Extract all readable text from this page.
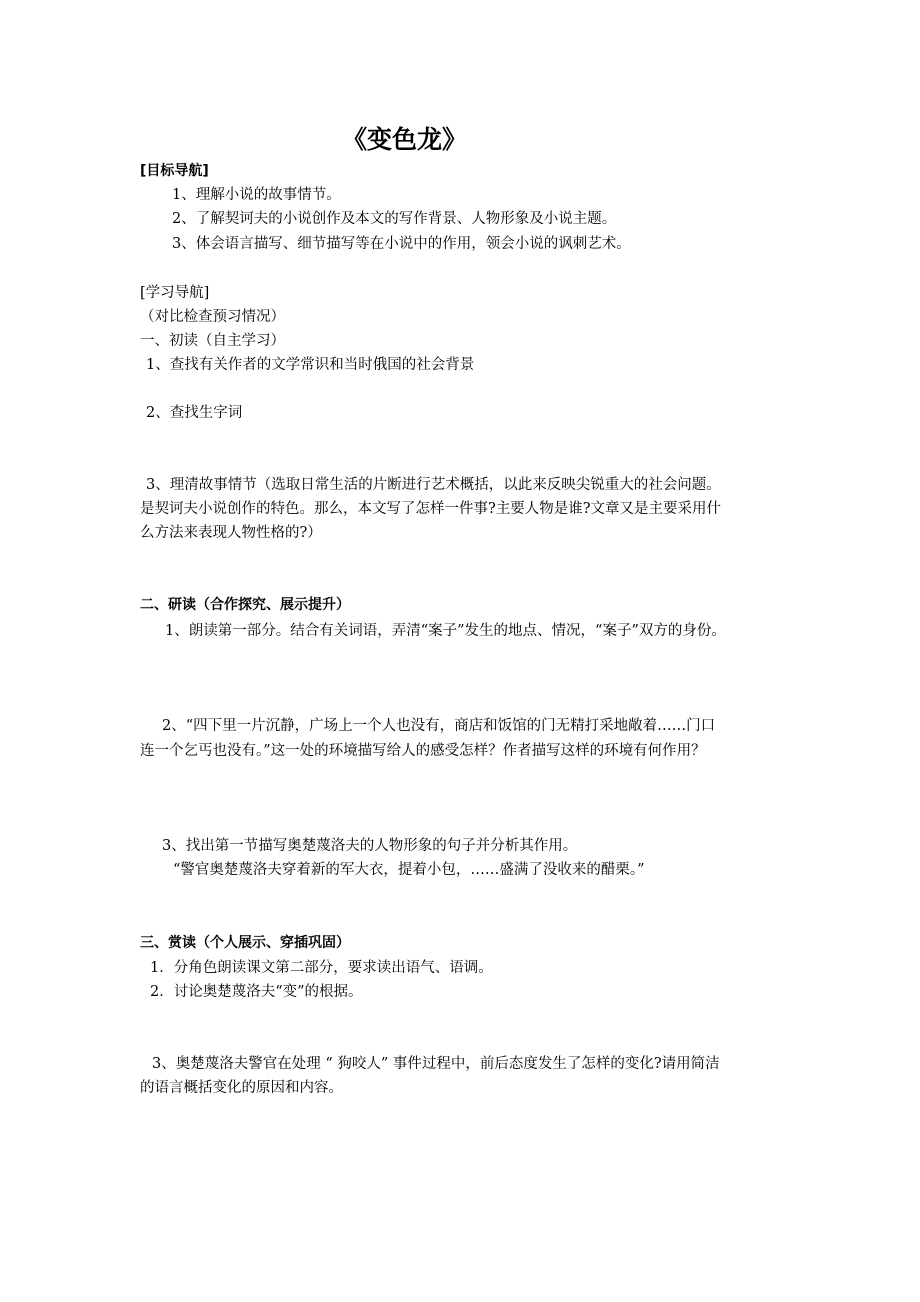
《变色龙》
[目标导航]
1、理解小说的故事情节。
2、了解契诃夫的小说创作及本文的写作背景、人物形象及小说主题。
3、体会语言描写、细节描写等在小说中的作用，领会小说的讽刺艺术。
[学习导航]
（对比检查预习情况）
一、初读（自主学习）
1、查找有关作者的文学常识和当时俄国的社会背景
2、查找生字词
3、理清故事情节（选取日常生活的片断进行艺术概括，以此来反映尖锐重大的社会问题。
是契诃夫小说创作的特色。那么，本文写了怎样一件事?主要人物是谁?文章又是主要采用什
么方法来表现人物性格的?）
二、研读（合作探究、展示提升）
1、朗读第一部分。结合有关词语，弄清“案子”发生的地点、情况，“案子”双方的身份。
2、“四下里一片沉静，广场上一个人也没有，商店和饭馆的门无精打采地敞着……门口
连一个乞丐也没有。”这一处的环境描写给人的感受怎样？作者描写这样的环境有何作用？
3、找出第一节描写奥楚蔑洛夫的人物形象的句子并分析其作用。
“警官奥楚蔑洛夫穿着新的军大衣，提着小包，……盛满了没收来的醋栗。”
三、赏读（个人展示、穿插巩固）
1．分角色朗读课文第二部分，要求读出语气、语调。
2．讨论奥楚蔑洛夫“变”的根据。
3、奥楚蔑洛夫警官在处理 “ 狗咬人” 事件过程中，前后态度发生了怎样的变化?请用简洁
的语言概括变化的原因和内容。
